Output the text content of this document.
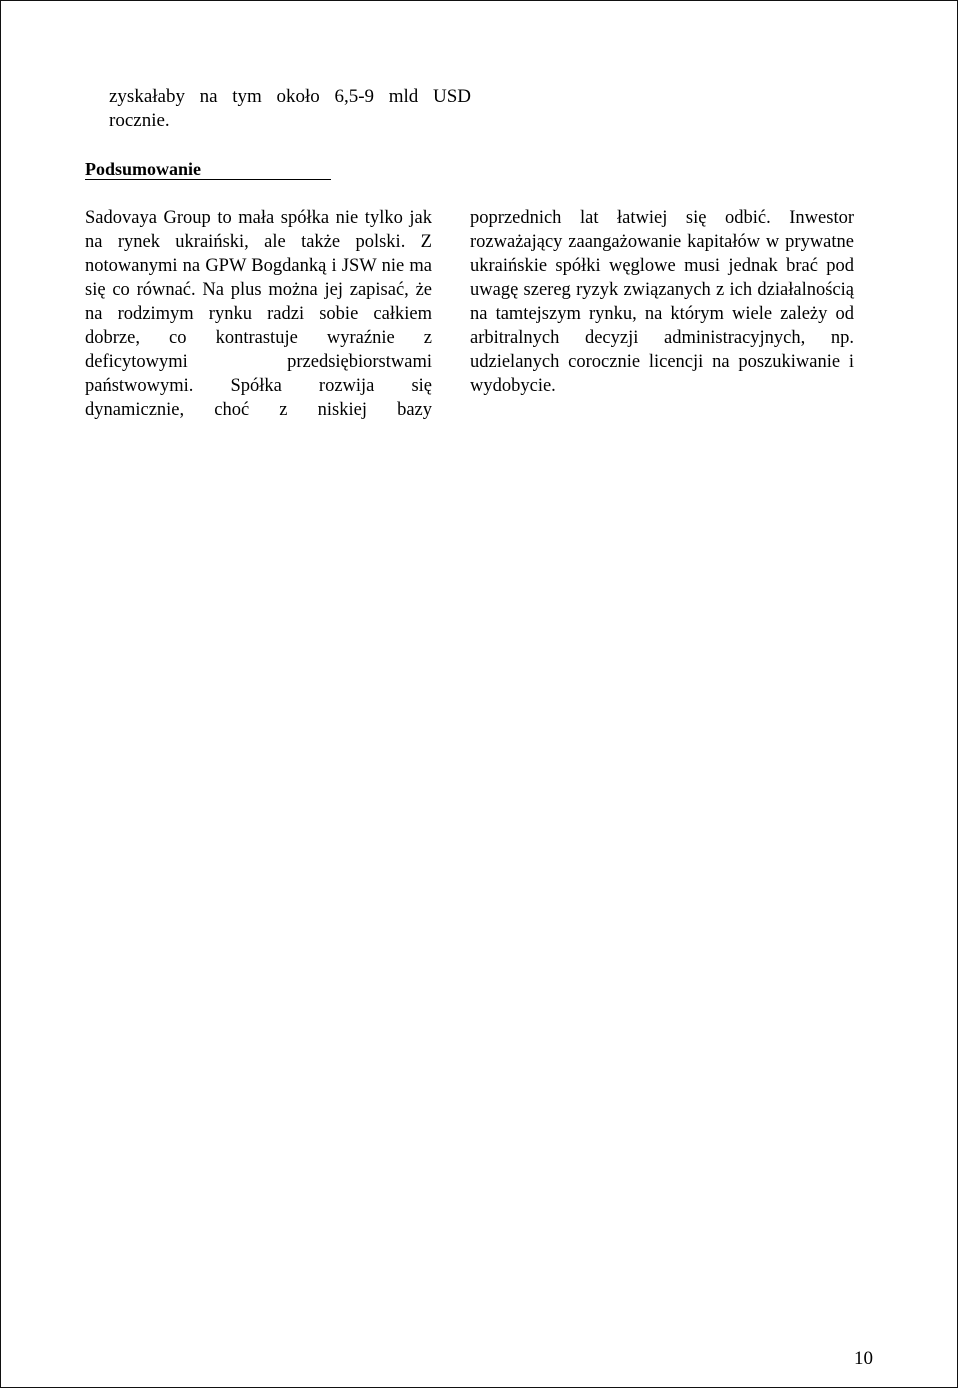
zyskałaby na tym około 6,5-9 mld USD rocznie.
Podsumowanie

Sadovaya Group to mała spółka nie tylko jak na rynek ukraiński, ale także polski. Z notowanymi na GPW Bogdanką i JSW nie ma się co równać. Na plus można jej zapisać, że na rodzimym rynku radzi sobie całkiem dobrze, co kontrastuje wyraźnie z deficytowymi przedsiębiorstwami państwowymi. Spółka rozwija się dynamicznie, choć z niskiej bazy

poprzednich lat łatwiej się odbić. Inwestor rozważający zaangażowanie kapitałów w prywatne ukraińskie spółki węglowe musi jednak brać pod uwagę szereg ryzyk związanych z ich działalnością na tamtejszym rynku, na którym wiele zależy od arbitralnych decyzji administracyjnych, np. udzielanych corocznie licencji na poszukiwanie i wydobycie.

10
